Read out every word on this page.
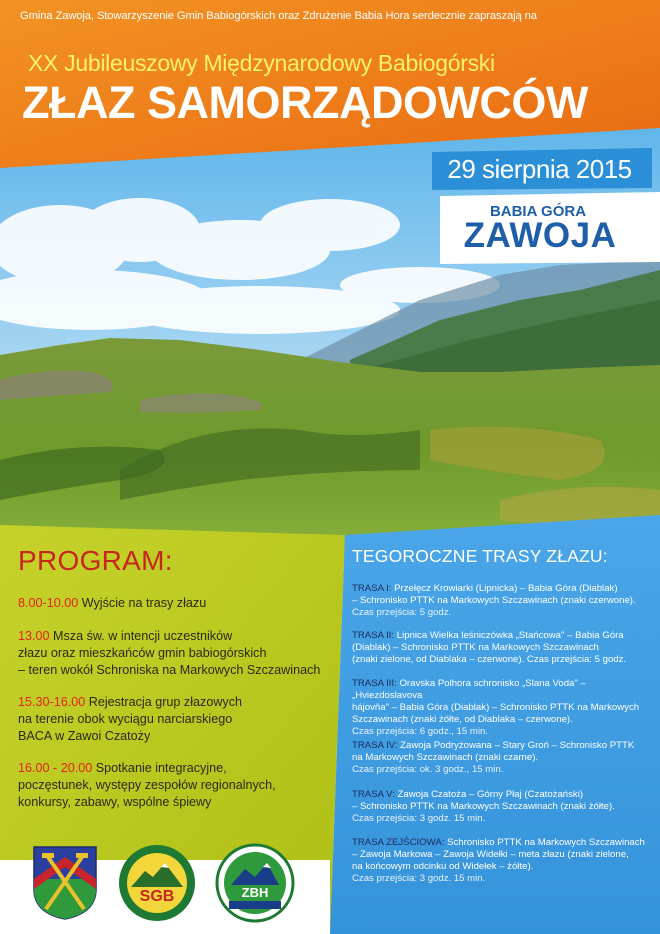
Gmina Zawoja, Stowarzyszenie Gmin Babiogórskich oraz Zdrużenie Babia Hora serdecznie zapraszają na
XX Jubileuszowy Międzynarodowy Babiogórski
ZŁAZ SAMORZĄDOWCÓW
29 sierpnia 2015
BABIA GÓRA
ZAWOJA
PROGRAM:
8.00-10.00 Wyjście na trasy złazu
13.00 Msza św. w intencji uczestników
złazu oraz mieszkańców gmin babiogórskich
– teren wokół Schroniska na Markowych Szczawinach
15.30-16.00 Rejestracja grup złazowych
na terenie obok wyciągu narciarskiego
BACA w Zawoi Czatoży
16.00 - 20.00 Spotkanie integracyjne,
poczęstunek, występy zespołów regionalnych,
konkursy, zabawy, wspólne śpiewy
TEGOROCZNE TRASY ZŁAZU:
TRASA I: Przełęcz Krowiarki (Lipnicka) – Babia Góra (Diablak)
– Schronisko PTTK na Markowych Szczawinach (znaki czerwone).
Czas przejścia: 5 godz.
TRASA II: Lipnica Wielka leśniczówka „Stańcowa" – Babia Góra
(Diablak) – Schronisko PTTK na Markowych Szczawinach
(znaki zielone, od Diablaka – czerwone). Czas przejścia: 5 godz.
TRASA III: Oravska Polhora schronisko „Slana Voda" – „Hviezdoslavova
hájovňa" – Babia Góra (Diablak) – Schronisko PTTK na Markowych
Szczawinach (znaki żółte, od Diablaka – czerwone).
Czas przejścia: 6 godz., 15 min.
TRASA IV: Zawoja Podryżowana – Stary Groń – Schronisko PTTK
na Markowych Szczawinach (znaki czarne).
Czas przejścia: ok. 3 godz., 15 min.
TRASA V: Zawoja Czatoża – Górny Płaj (Czatożański)
– Schronisko PTTK na Markowych Szczawinach (znaki żółte).
Czas przejścia: 3 godz. 15 min.
TRASA ZEJŚCIOWA: Schronisko PTTK na Markowych Szczawinach
– Zawoja Markowa – Zawoja Widełki – meta złazu (znaki zielone,
na końcowym odcinku od Widełek – żółte).
Czas przejścia: 3 godz. 15 min.
SGB	ZBH
